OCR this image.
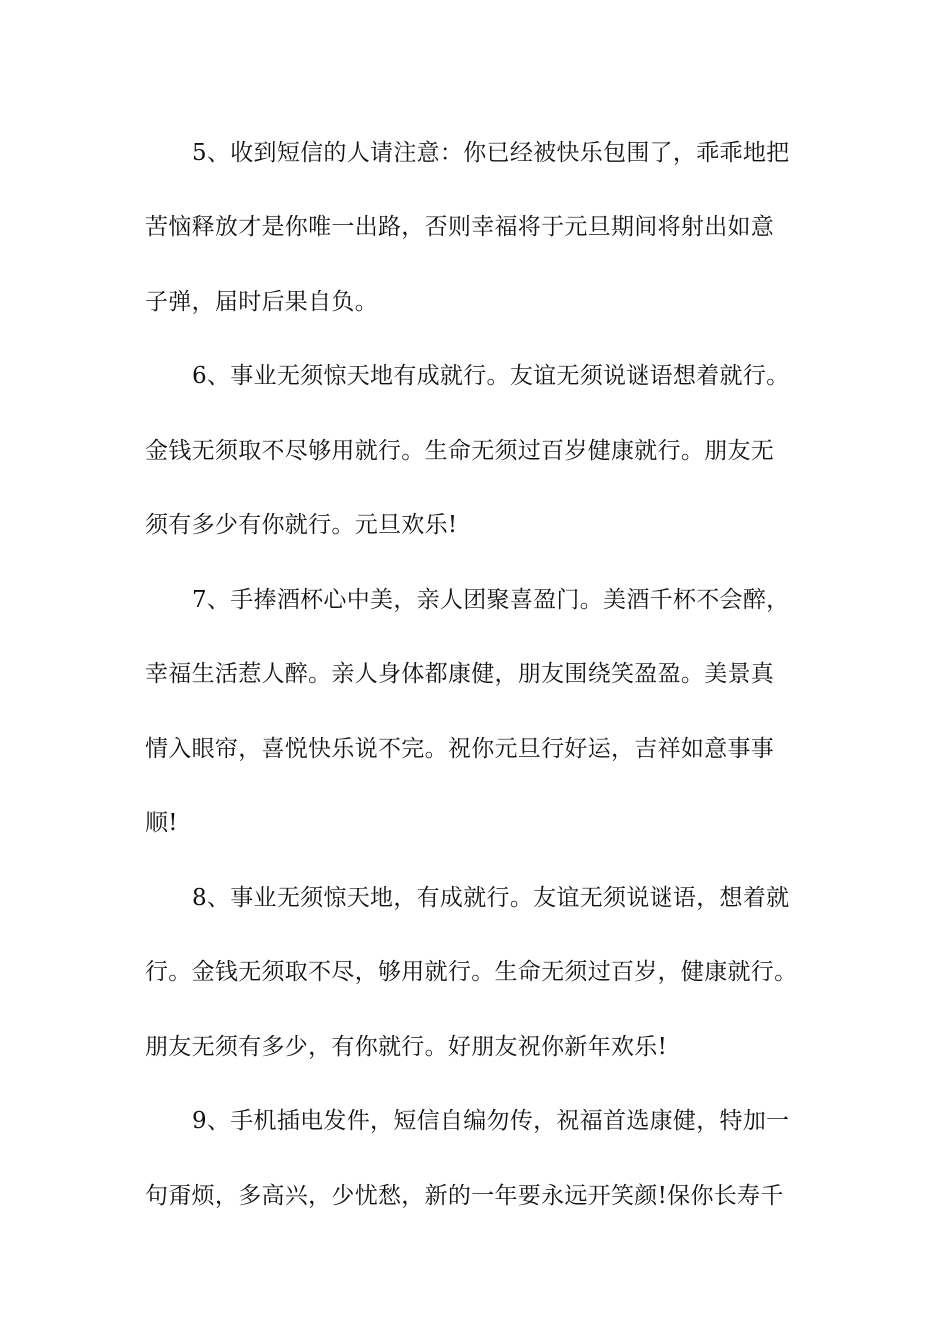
5、收到短信的人请注意：你已经被快乐包围了，乖乖地把
苦恼释放才是你唯一出路，否则幸福将于元旦期间将射出如意
子弹，届时后果自负。
6、事业无须惊天地有成就行。友谊无须说谜语想着就行。
金钱无须取不尽够用就行。生命无须过百岁健康就行。朋友无
须有多少有你就行。元旦欢乐!
7、手捧酒杯心中美，亲人团聚喜盈门。美酒千杯不会醉，
幸福生活惹人醉。亲人身体都康健，朋友围绕笑盈盈。美景真
情入眼帘，喜悦快乐说不完。祝你元旦行好运，吉祥如意事事
顺!
8、事业无须惊天地，有成就行。友谊无须说谜语，想着就
行。金钱无须取不尽，够用就行。生命无须过百岁，健康就行。
朋友无须有多少，有你就行。好朋友祝你新年欢乐!
9、手机插电发件，短信自编勿传，祝福首选康健，特加一
句甭烦，多高兴，少忧愁，新的一年要永远开笑颜!保你长寿千
